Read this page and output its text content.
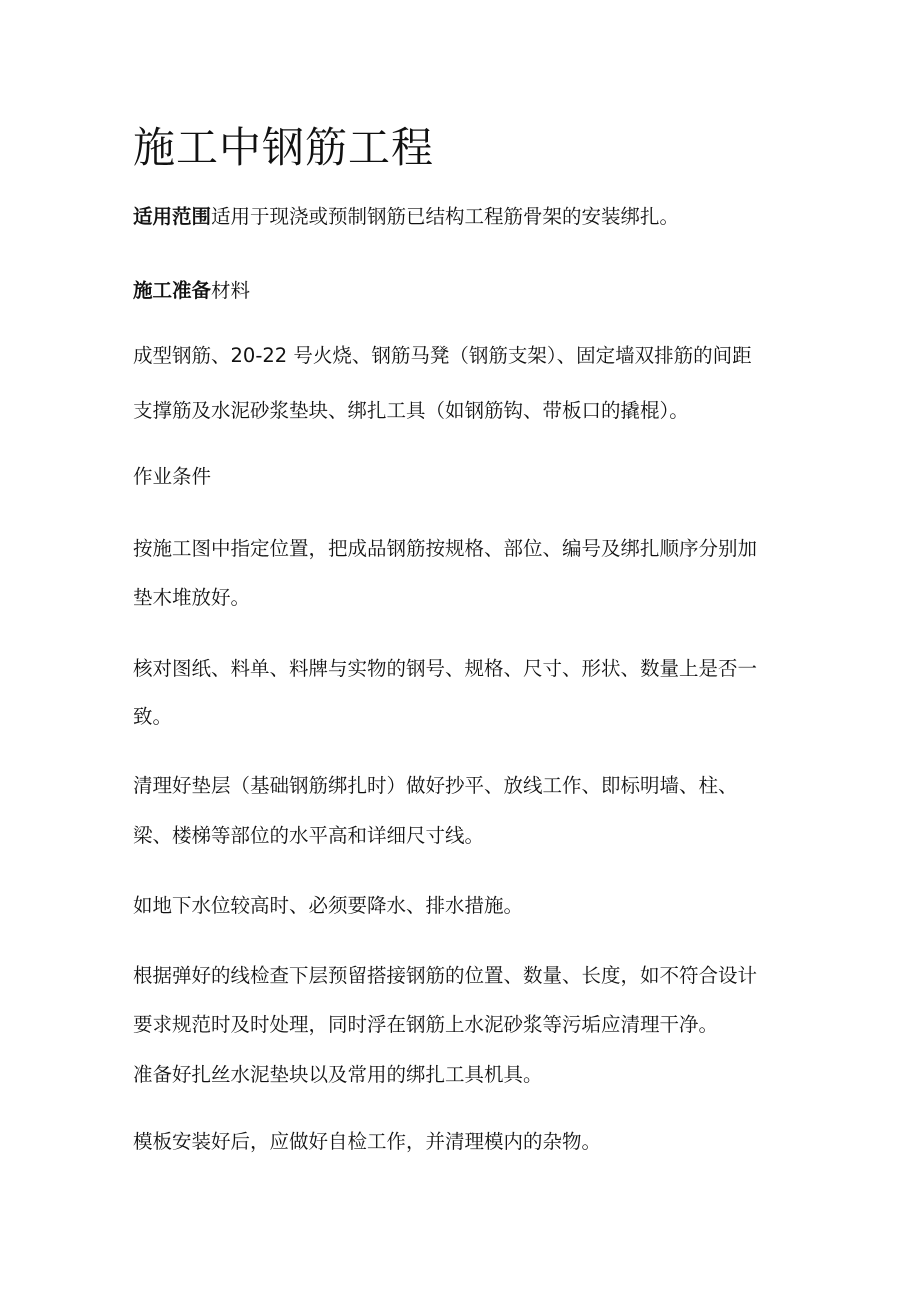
施工中钢筋工程

适用范围适用于现浇或预制钢筋已结构工程筋骨架的安装绑扎。

施工准备材料

成型钢筋、20-22 号火烧、钢筋马凳（钢筋支架）、固定墙双排筋的间距

支撑筋及水泥砂浆垫块、绑扎工具（如钢筋钩、带板口的撬棍）。

作业条件

按施工图中指定位置，把成品钢筋按规格、部位、编号及绑扎顺序分别加

垫木堆放好。

核对图纸、料单、料牌与实物的钢号、规格、尺寸、形状、数量上是否一

致。

清理好垫层（基础钢筋绑扎时）做好抄平、放线工作、即标明墙、柱、

梁、楼梯等部位的水平高和详细尺寸线。

如地下水位较高时、必须要降水、排水措施。

根据弹好的线检查下层预留搭接钢筋的位置、数量、长度，如不符合设计

要求规范时及时处理，同时浮在钢筋上水泥砂浆等污垢应清理干净。

准备好扎丝水泥垫块以及常用的绑扎工具机具。

模板安装好后，应做好自检工作，并清理模内的杂物。
